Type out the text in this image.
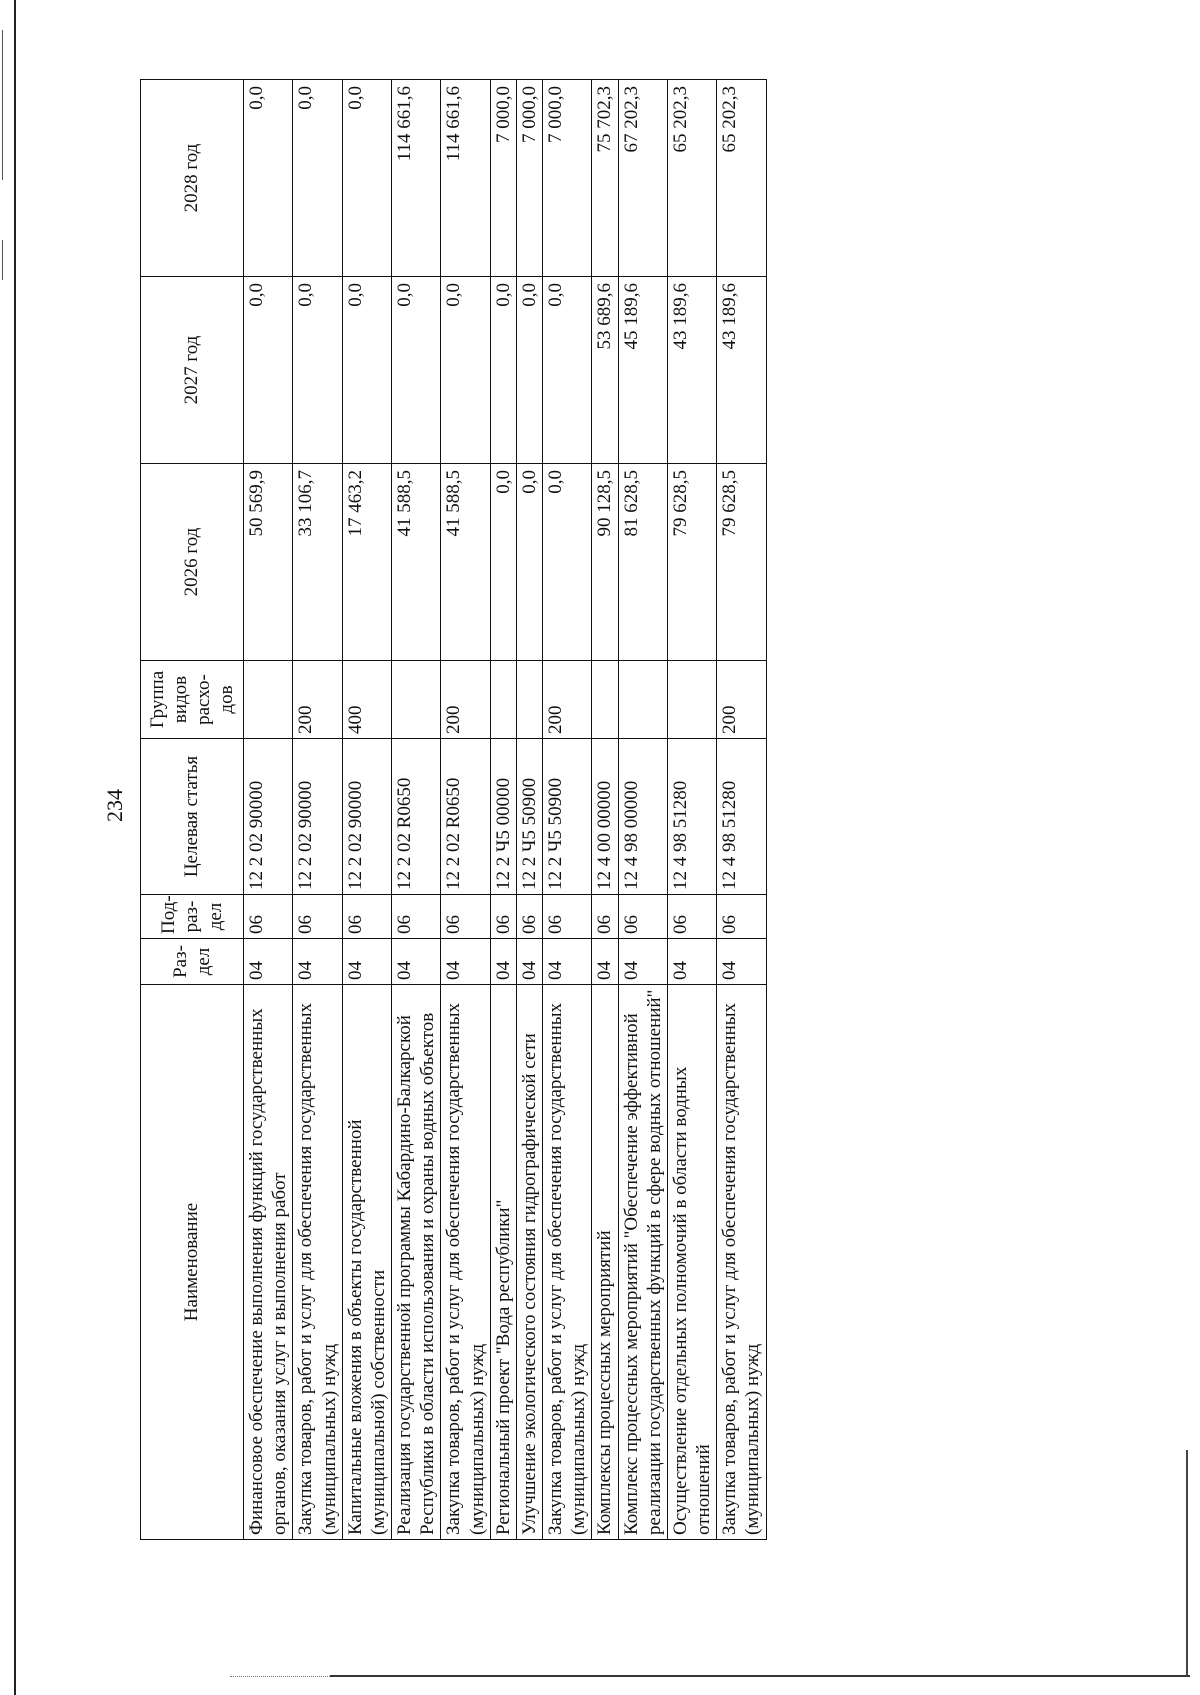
234
Наименование	Раз-дел	Под-раз-дел	Целевая статья	Группа видов расхо-дов	2026 год	2027 год	2028 год
Финансовое обеспечение выполнения функций государственных органов, оказания услуг и выполнения работ	04	06	12 2 02 90000		50 569,9	0,0	0,0
Закупка товаров, работ и услуг для обеспечения государственных (муниципальных) нужд	04	06	12 2 02 90000	200	33 106,7	0,0	0,0
Капитальные вложения в объекты государственной (муниципальной) собственности	04	06	12 2 02 90000	400	17 463,2	0,0	0,0
Реализация государственной программы Кабардино-Балкарской Республики в области использования и охраны водных объектов	04	06	12 2 02 R0650		41 588,5	0,0	114 661,6
Закупка товаров, работ и услуг для обеспечения государственных (муниципальных) нужд	04	06	12 2 02 R0650	200	41 588,5	0,0	114 661,6
Региональный проект "Вода республики"	04	06	12 2 Ч5 00000		0,0	0,0	7 000,0
Улучшение экологического состояния гидрографической сети	04	06	12 2 Ч5 50900		0,0	0,0	7 000,0
Закупка товаров, работ и услуг для обеспечения государственных (муниципальных) нужд	04	06	12 2 Ч5 50900	200	0,0	0,0	7 000,0
Комплексы процессных мероприятий	04	06	12 4 00 00000		90 128,5	53 689,6	75 702,3
Комплекс процессных мероприятий "Обеспечение эффективной реализации государственных функций в сфере водных отношений"	04	06	12 4 98 00000		81 628,5	45 189,6	67 202,3
Осуществление отдельных полномочий в области водных отношений	04	06	12 4 98 51280		79 628,5	43 189,6	65 202,3
Закупка товаров, работ и услуг для обеспечения государственных (муниципальных) нужд	04	06	12 4 98 51280	200	79 628,5	43 189,6	65 202,3
